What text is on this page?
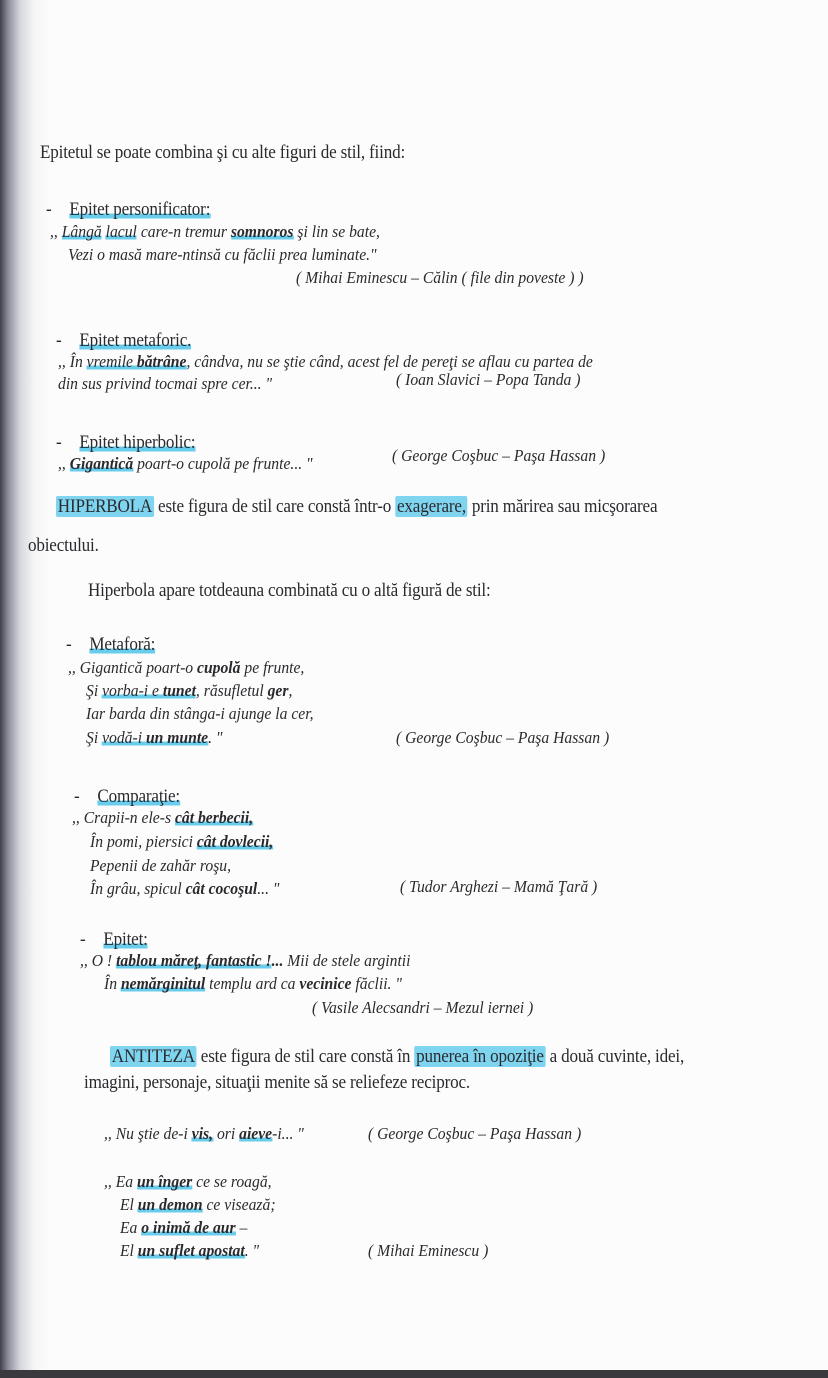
Epitetul se poate combina şi cu alte figuri de stil, fiind:
- Epitet personificator:
,, Lângă lacul care-n tremur somnoros şi lin se bate,
Vezi o masă mare-ntinsă cu făclii prea luminate."
( Mihai Eminescu – Călin ( file din poveste ) )
- Epitet metaforic.
,, În vremile bătrâne, cândva, nu se ştie când, acest fel de pereţi se aflau cu partea de
din sus privind tocmai spre cer... "	( Ioan Slavici – Popa Tanda )
- Epitet hiperbolic:
,, Gigantică poart-o cupolă pe frunte... "	( George Coşbuc – Paşa Hassan )
HIPERBOLA este figura de stil care constă într-o exagerare, prin mărirea sau micşorarea
obiectului.
Hiperbola apare totdeauna combinată cu o altă figură de stil:
- Metaforă:
,, Gigantică poart-o cupolă pe frunte,
Şi vorba-i e tunet, răsufletul ger,
Iar barda din stânga-i ajunge la cer,
Şi vodă-i un munte. "	( George Coşbuc – Paşa Hassan )
- Comparaţie:
,, Crapii-n ele-s cât berbecii,
În pomi, piersici cât dovlecii,
Pepenii de zahăr roşu,
În grâu, spicul cât cocoşul... "	( Tudor Arghezi – Mamă Ţară )
- Epitet:
,, O ! tablou măreţ, fantastic !... Mii de stele argintii
În nemărginitul templu ard ca vecinice făclii. "
( Vasile Alecsandri – Mezul iernei )
ANTITEZA este figura de stil care constă în punerea în opoziţie a două cuvinte, idei,
imagini, personaje, situaţii menite să se reliefeze reciproc.
,, Nu ştie de-i vis, ori aieve-i... "	( George Coşbuc – Paşa Hassan )
,, Ea un înger ce se roagă,
El un demon ce visează;
Ea o inimă de aur –
El un suflet apostat. "	( Mihai Eminescu )
